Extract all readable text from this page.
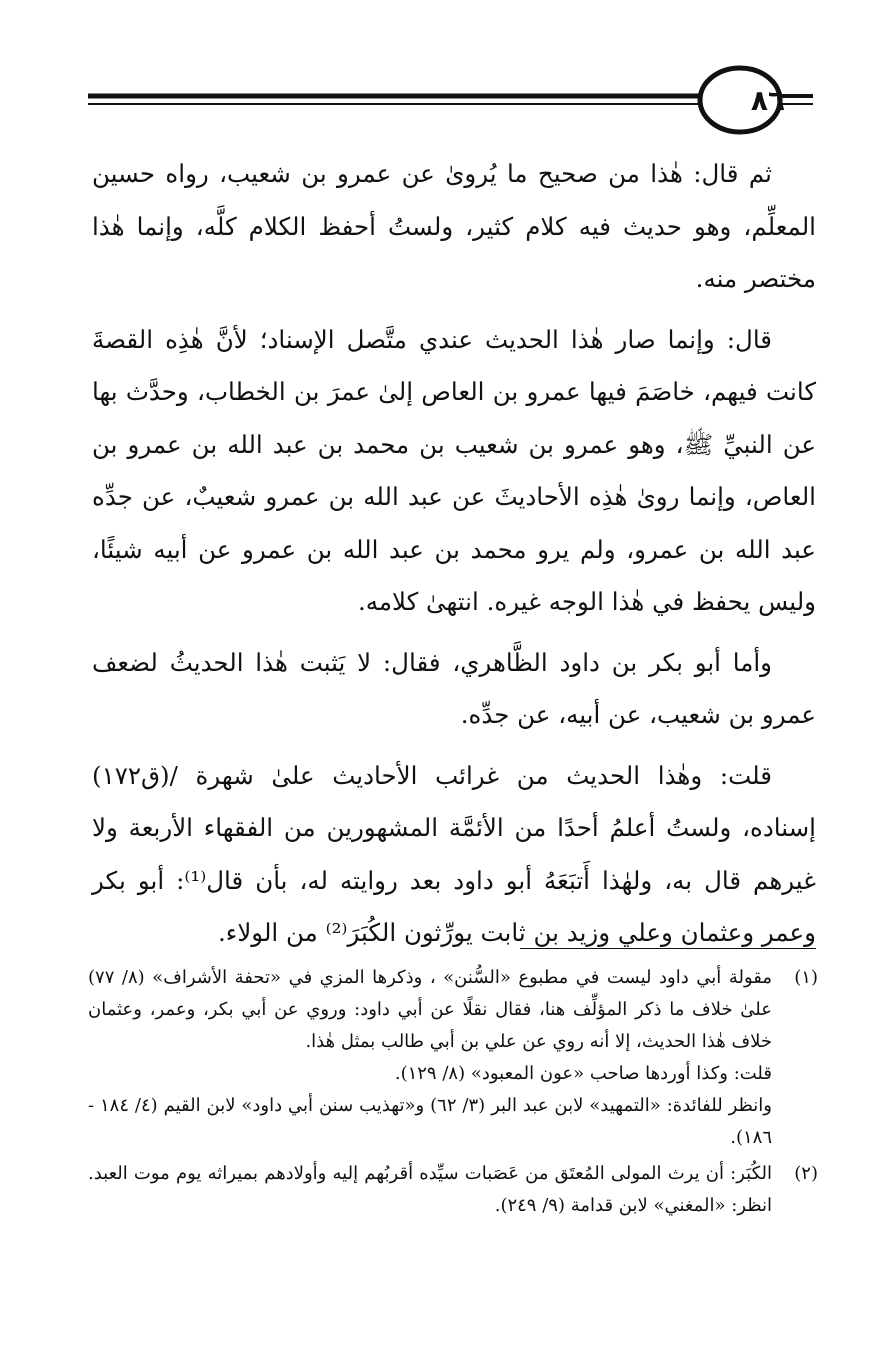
٨٦

ثم قال: هٰذا من صحيح ما يُروىٰ عن عمرو بن شعيب، رواه حسين المعلِّم، وهو حديث فيه كلام كثير، ولستُ أحفظ الكلام كلَّه، وإنما هٰذا مختصر منه.

قال: وإنما صار هٰذا الحديث عندي متَّصل الإسناد؛ لأنَّ هٰذِه القصةَ كانت فيهم، خاصَمَ فيها عمرو بن العاص إلىٰ عمرَ بن الخطاب، وحدَّث بها عن النبيِّ ﷺ، وهو عمرو بن شعيب بن محمد بن عبد الله بن عمرو بن العاص، وإنما روىٰ هٰذِه الأحاديثَ عن عبد الله بن عمرو شعيبٌ، عن جدِّه عبد الله بن عمرو، ولم يرو محمد بن عبد الله بن عمرو عن أبيه شيئًا، وليس يحفظ في هٰذا الوجه غيره. انتهىٰ كلامه.

وأما أبو بكر بن داود الظَّاهري، فقال: لا يَثبت هٰذا الحديثُ لضعف عمرو بن شعيب، عن أبيه، عن جدِّه.

قلت: وهٰذا الحديث من غرائب الأحاديث علىٰ شهرة /(ق١٧٢) إسناده، ولستُ أعلمُ أحدًا من الأئمَّة المشهورين من الفقهاء الأربعة ولا غيرهم قال به، ولهٰذا أَتبَعَهُ أبو داود بعد روايته له، بأن قال⁽¹⁾: أبو بكر وعمر وعثمان وعلي وزيد بن ثابت يورِّثون الكُبَرَ⁽²⁾ من الولاء.

(١)
مقولة أبي داود ليست في مطبوع «السُّنن» ، وذكرها المزي في «تحفة الأشراف» (٨/ ٧٧) علىٰ خلاف ما ذكر المؤلِّف هنا، فقال نقلًا عن أبي داود: وروي عن أبي بكر، وعمر، وعثمان خلاف هٰذا الحديث، إلا أنه روي عن علي بن أبي طالب بمثل هٰذا.
قلت: وكذا أوردها صاحب «عون المعبود» (٨/ ١٢٩).
وانظر للفائدة: «التمهيد» لابن عبد البر (٣/ ٦٢) و«تهذيب سنن أبي داود» لابن القيم (٤/ ١٨٤ - ١٨٦).
(٢)
الكُبَر: أن يرث المولى المُعتَق من عَصَبات سيِّده أقربُهم إليه وأولادهم بميراثه يوم موت العبد. انظر: «المغني» لابن قدامة (٩/ ٢٤٩).
